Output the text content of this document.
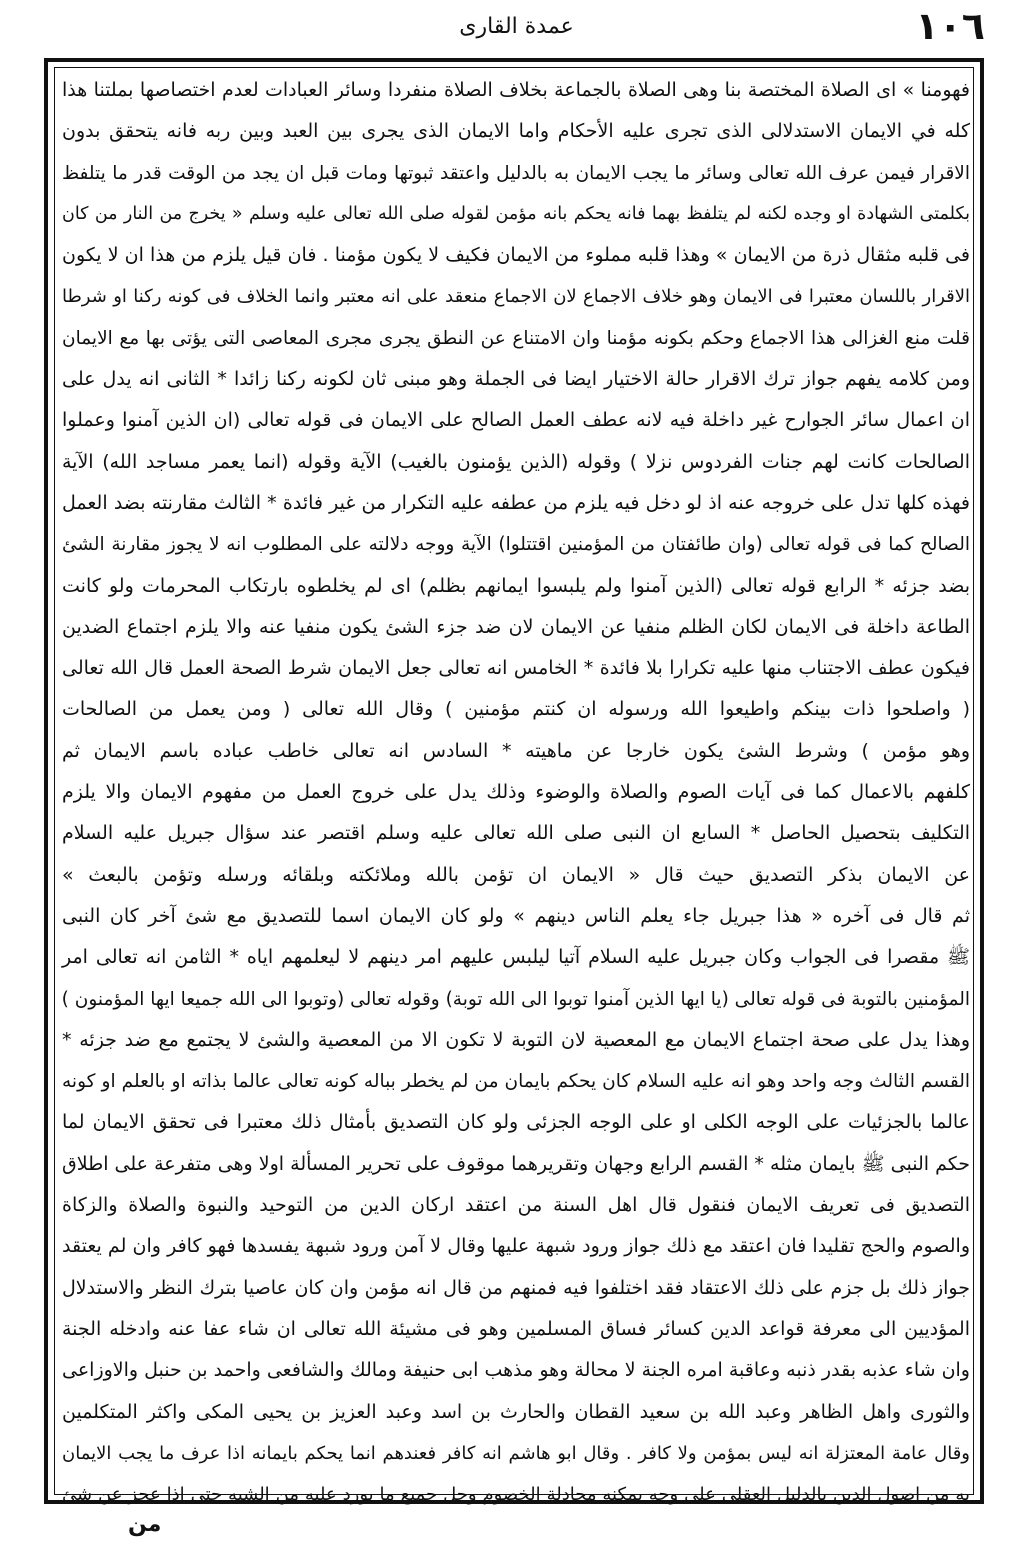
١٠٦
عمدة القارى
فهومنا » اى الصلاة المختصة بنا وهى الصلاة بالجماعة بخلاف الصلاة منفردا وسائر العبادات لعدم اختصاصها بملتنا هذا
كله في الايمان الاستدلالى الذى تجرى عليه الأحكام واما الايمان الذى يجرى بين العبد وبين ربه فانه يتحقق بدون
الاقرار فيمن عرف الله تعالى وسائر ما يجب الايمان به بالدليل واعتقد ثبوتها ومات قبل ان يجد من الوقت قدر ما يتلفظ
بكلمتى الشهادة او وجده لكنه لم يتلفظ بهما فانه يحكم بانه مؤمن لقوله صلى الله تعالى عليه وسلم « يخرج من النار من كان
فى قلبه مثقال ذرة من الايمان » وهذا قلبه مملوء من الايمان فكيف لا يكون مؤمنا . فان قيل يلزم من هذا ان لا يكون
الاقرار باللسان معتبرا فى الايمان وهو خلاف الاجماع لان الاجماع منعقد على انه معتبر وانما الخلاف فى كونه ركنا او شرطا
قلت منع الغزالى هذا الاجماع وحكم بكونه مؤمنا وان الامتناع عن النطق يجرى مجرى المعاصى التى يؤتى بها مع الايمان
ومن كلامه يفهم جواز ترك الاقرار حالة الاختيار ايضا فى الجملة وهو مبنى ثان لكونه ركنا زائدا * الثانى انه يدل على
ان اعمال سائر الجوارح غير داخلة فيه لانه عطف العمل الصالح على الايمان فى قوله تعالى (ان الذين آمنوا وعملوا
الصالحات كانت لهم جنات الفردوس نزلا ) وقوله (الذين يؤمنون بالغيب) الآية وقوله (انما يعمر مساجد الله) الآية
فهذه كلها تدل على خروجه عنه اذ لو دخل فيه يلزم من عطفه عليه التكرار من غير فائدة * الثالث مقارنته بضد العمل
الصالح كما فى قوله تعالى (وان طائفتان من المؤمنين اقتتلوا) الآية ووجه دلالته على المطلوب انه لا يجوز مقارنة الشئ
بضد جزئه * الرابع قوله تعالى (الذين آمنوا ولم يلبسوا ايمانهم بظلم) اى لم يخلطوه بارتكاب المحرمات ولو كانت
الطاعة داخلة فى الايمان لكان الظلم منفيا عن الايمان لان ضد جزء الشئ يكون منفيا عنه والا يلزم اجتماع الضدين
فيكون عطف الاجتناب منها عليه تكرارا بلا فائدة * الخامس انه تعالى جعل الايمان شرط الصحة العمل قال الله تعالى
( واصلحوا ذات بينكم واطيعوا الله ورسوله ان كنتم مؤمنين ) وقال الله تعالى ( ومن يعمل من الصالحات
وهو مؤمن ) وشرط الشئ يكون خارجا عن ماهيته * السادس انه تعالى خاطب عباده باسم الايمان ثم
كلفهم بالاعمال كما فى آيات الصوم والصلاة والوضوء وذلك يدل على خروج العمل من مفهوم الايمان والا يلزم
التكليف بتحصيل الحاصل * السابع ان النبى صلى الله تعالى عليه وسلم اقتصر عند سؤال جبريل عليه السلام
عن الايمان بذكر التصديق حيث قال « الايمان ان تؤمن بالله وملائكته وبلقائه ورسله وتؤمن بالبعث »
ثم قال فى آخره « هذا جبريل جاء يعلم الناس دينهم » ولو كان الايمان اسما للتصديق مع شئ آخر كان النبى
ﷺ مقصرا فى الجواب وكان جبريل عليه السلام آتيا ليلبس عليهم امر دينهم لا ليعلمهم اياه * الثامن انه تعالى امر
المؤمنين بالتوبة فى قوله تعالى (يا ايها الذين آمنوا توبوا الى الله توبة) وقوله تعالى (وتوبوا الى الله جميعا ايها المؤمنون )
وهذا يدل على صحة اجتماع الايمان مع المعصية لان التوبة لا تكون الا من المعصية والشئ لا يجتمع مع ضد جزئه *
القسم الثالث وجه واحد وهو انه عليه السلام كان يحكم بايمان من لم يخطر بباله كونه تعالى عالما بذاته او بالعلم او كونه
عالما بالجزئيات على الوجه الكلى او على الوجه الجزئى ولو كان التصديق بأمثال ذلك معتبرا فى تحقق الايمان لما
حكم النبى ﷺ بايمان مثله * القسم الرابع وجهان وتقريرهما موقوف على تحرير المسألة اولا وهى متفرعة على اطلاق
التصديق فى تعريف الايمان فنقول قال اهل السنة من اعتقد اركان الدين من التوحيد والنبوة والصلاة والزكاة
والصوم والحج تقليدا فان اعتقد مع ذلك جواز ورود شبهة عليها وقال لا آمن ورود شبهة يفسدها فهو كافر وان لم يعتقد
جواز ذلك بل جزم على ذلك الاعتقاد فقد اختلفوا فيه فمنهم من قال انه مؤمن وان كان عاصيا بترك النظر والاستدلال
المؤديين الى معرفة قواعد الدين كسائر فساق المسلمين وهو فى مشيئة الله تعالى ان شاء عفا عنه وادخله الجنة
وان شاء عذبه بقدر ذنبه وعاقبة امره الجنة لا محالة وهو مذهب ابى حنيفة ومالك والشافعى واحمد بن حنبل والاوزاعى
والثورى واهل الظاهر وعبد الله بن سعيد القطان والحارث بن اسد وعبد العزيز بن يحيى المكى واكثر المتكلمين
وقال عامة المعتزلة انه ليس بمؤمن ولا كافر . وقال ابو هاشم انه كافر فعندهم انما يحكم بايمانه اذا عرف ما يجب الايمان
به من اصول الدين بالدليل العقلى على وجه يمكنه مجادلة الخصوم وحل جميع ما يورد عليه من الشبه حتى اذا عجز عن شئ
من
